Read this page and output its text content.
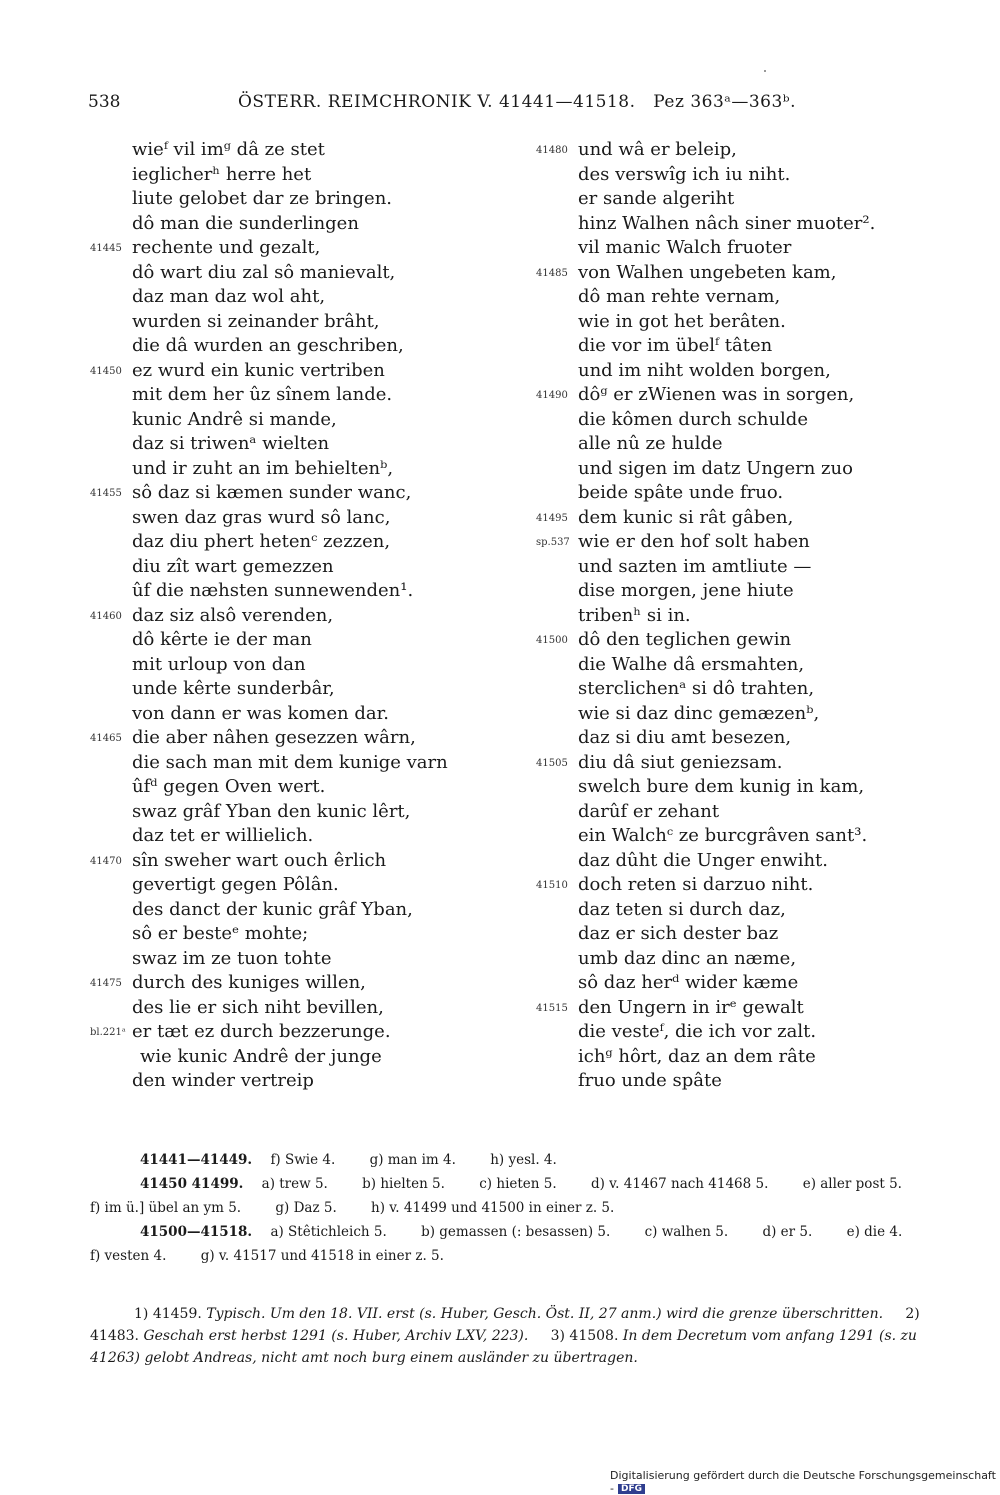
538	ÖSTERR. REIMCHRONIK V. 41441—41518. Pez 363ᵃ—363ᵇ.
wieᶠ vil imᵍ dâ ze stet
ieglicherʰ herre het
liute gelobet dar ze bringen.
dô man die sunderlingen
41445 rechente und gezalt,
dô wart diu zal sô manievalt,
daz man daz wol aht,
wurden si zeinander brâht,
die dâ wurden an geschriben,
41450 ez wurd ein kunic vertriben
mit dem her ûz sînem lande.
kunic Andrê si mande,
daz si triwenᵃ wielten
und ir zuht an im behieltenᵇ,
41455 sô daz si kæmen sunder wanc,
swen daz gras wurd sô lanc,
daz diu phert hetenᶜ zezzen,
diu zît wart gemezzen
ûf die næhsten sunnewenden¹.
41460 daz siz alsô verenden,
dô kêrte ie der man
mit urloup von dan
unde kêrte sunderbâr,
von dann er was komen dar.
41465 die aber nâhen gesezzen wârn,
die sach man mit dem kunige varn
ûfᵈ gegen Oven wert.
swaz grâf Yban den kunic lêrt,
daz tet er willielich.
41470 sîn sweher wart ouch êrlich
gevertigt gegen Pôlân.
des danct der kunic grâf Yban,
sô er besteᵉ mohte;
swaz im ze tuon tohte
41475 durch des kuniges willen,
des lie er sich niht bevillen,
bl.221ᵃ er tæt ez durch bezzerunge.
wie kunic Andrê der junge
den winder vertreip
41480 und wâ er beleip,
des verswîg ich iu niht.
er sande algeriht
hinz Walhen nâch siner muoter².
vil manic Walch fruoter
41485 von Walhen ungebeten kam,
dô man rehte vernam,
wie in got het berâten.
die vor im übelᶠ tâten
und im niht wolden borgen,
41490 dôᵍ er zWienen was in sorgen,
die kômen durch schulde
alle nû ze hulde
und sigen im datz Ungern zuo
beide spâte unde fruo.
41495 dem kunic si rât gâben,
sp.537 wie er den hof solt haben
und sazten im amtliute —
dise morgen, jene hiute
tribenʰ si in.
41500 dô den teglichen gewin
die Walhe dâ ersmahten,
sterclichenᵃ si dô trahten,
wie si daz dinc gemæzenᵇ,
daz si diu amt besezen,
41505 diu dâ siut geniezsam.
swelch bure dem kunig in kam,
darûf er zehant
ein Walchᶜ ze burcgrâven sant³.
daz dûht die Unger enwiht.
41510 doch reten si darzuo niht.
daz teten si durch daz,
daz er sich dester baz
umb daz dinc an næme,
sô daz herᵈ wider kæme
41515 den Ungern in irᵉ gewalt
die vesteᶠ, die ich vor zalt.
ichᵍ hôrt, daz an dem râte
fruo unde spâte
41441—41449. f) Swie 4.	g) man im 4.	h) yesl. 4.
41450 41499. a) trew 5.	b) hielten 5.	c) hieten 5.	d) v. 41467 nach 41468 5.	e) aller post 5.
f) im ü.] übel an ym 5.	g) Daz 5.	h) v. 41499 und 41500 in einer z. 5.
41500—41518. a) Stêtichleich 5.	b) gemassen (: besassen) 5.	c) walhen 5.	d) er 5.	e) die 4.
f) vesten 4.	g) v. 41517 und 41518 in einer z. 5.
1) 41459. Typisch. Um den 18. VII. erst (s. Huber, Gesch. Öst. II, 27 anm.) wird die grenze überschritten. 2) 41483. Geschah erst herbst 1291 (s. Huber, Archiv LXV, 223). 3) 41508. In dem Decretum vom anfang 1291 (s. zu 41263) gelobt Andreas, nicht amt noch burg einem ausländer zu übertragen.
Digitalisierung gefördert durch die Deutsche Forschungsgemeinschaft - DFG
